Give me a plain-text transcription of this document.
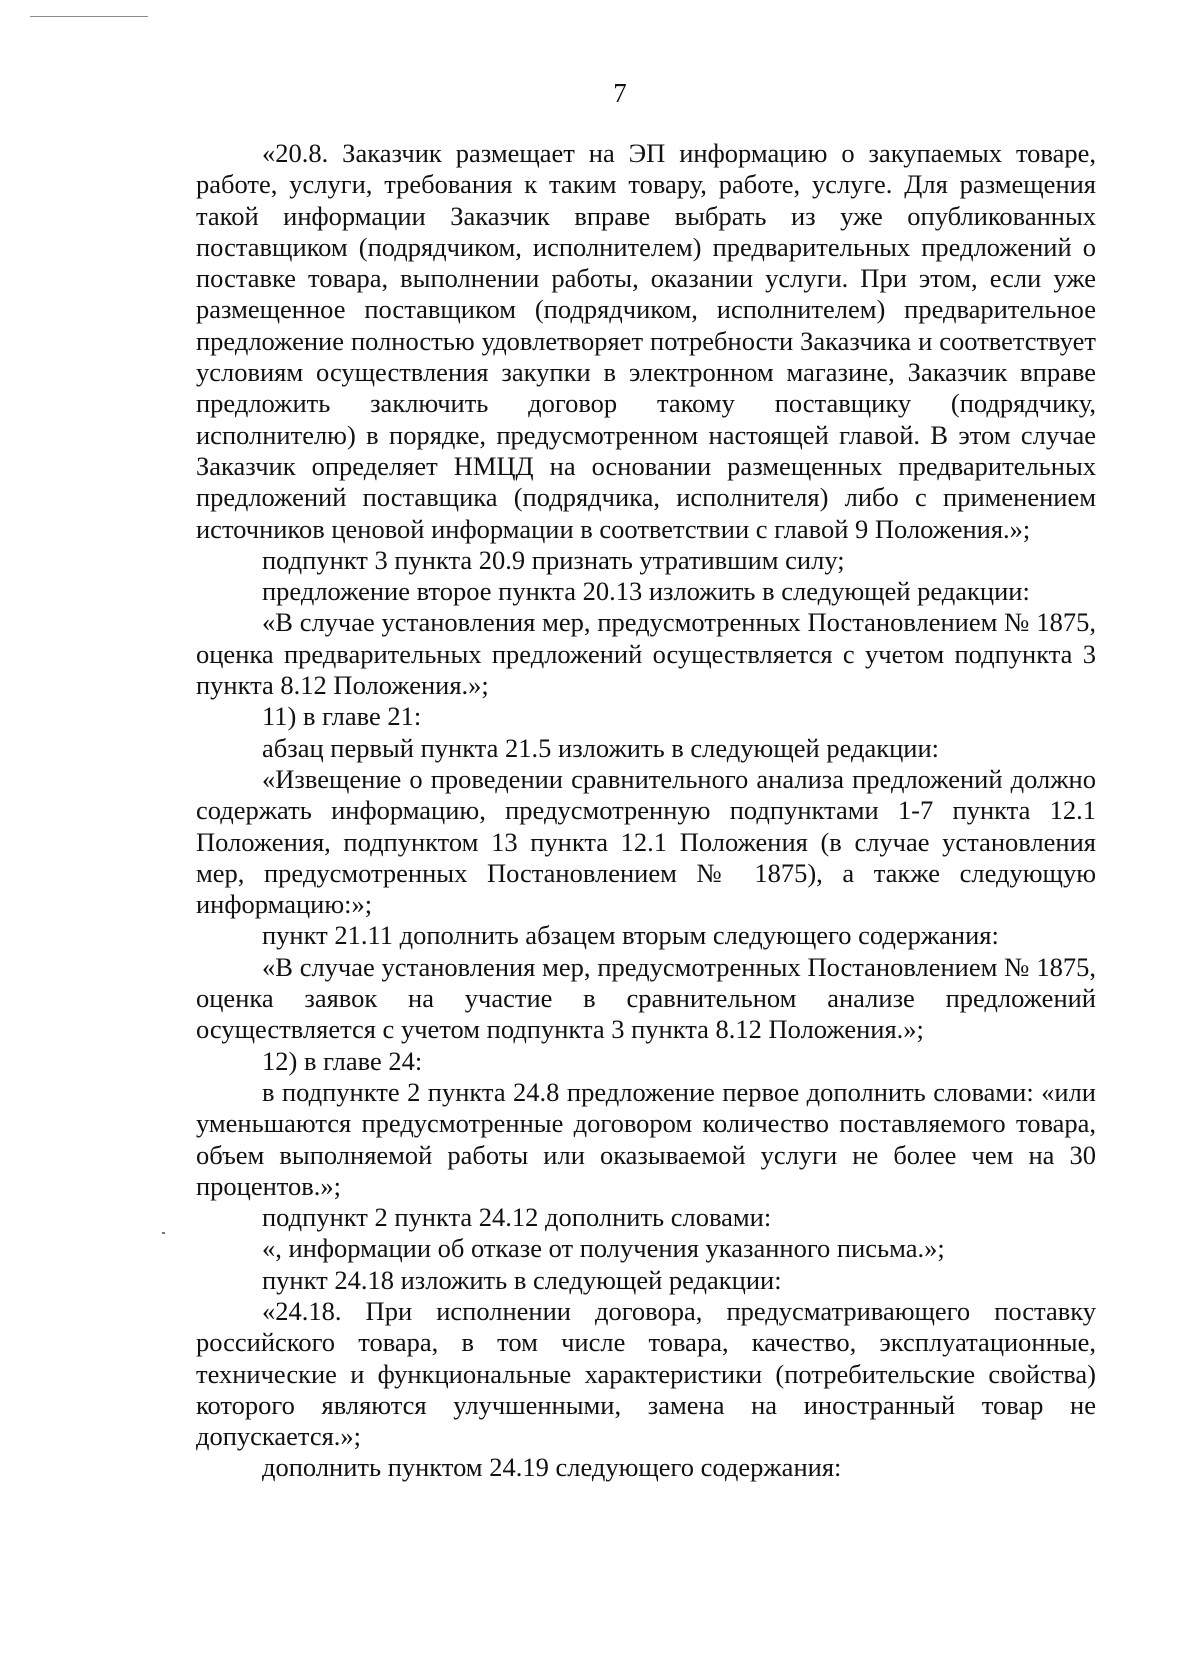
7

«20.8. Заказчик размещает на ЭП информацию о закупаемых товаре, работе, услуги, требования к таким товару, работе, услуге. Для размещения такой информации Заказчик вправе выбрать из уже опубликованных поставщиком (подрядчиком, исполнителем) предварительных предложений о поставке товара, выполнении работы, оказании услуги. При этом, если уже размещенное поставщиком (подрядчиком, исполнителем) предварительное предложение полностью удовлетворяет потребности Заказчика и соответствует условиям осуществления закупки в электронном магазине, Заказчик вправе предложить заключить договор такому поставщику (подрядчику, исполнителю) в порядке, предусмотренном настоящей главой. В этом случае Заказчик определяет НМЦД на основании размещенных предварительных предложений поставщика (подрядчика, исполнителя) либо с применением источников ценовой информации в соответствии с главой 9 Положения.»;

подпункт 3 пункта 20.9 признать утратившим силу;

предложение второе пункта 20.13 изложить в следующей редакции:

«В случае установления мер, предусмотренных Постановлением № 1875, оценка предварительных предложений осуществляется с учетом подпункта 3 пункта 8.12 Положения.»;

11) в главе 21:

абзац первый пункта 21.5 изложить в следующей редакции:

«Извещение о проведении сравнительного анализа предложений должно содержать информацию, предусмотренную подпунктами 1-7 пункта 12.1 Положения, подпунктом 13 пункта 12.1 Положения (в случае установления мер, предусмотренных Постановлением № 1875), а также следующую информацию:»;

пункт 21.11 дополнить абзацем вторым следующего содержания:

«В случае установления мер, предусмотренных Постановлением № 1875, оценка заявок на участие в сравнительном анализе предложений осуществляется с учетом подпункта 3 пункта 8.12 Положения.»;

12) в главе 24:

в подпункте 2 пункта 24.8 предложение первое дополнить словами: «или уменьшаются предусмотренные договором количество поставляемого товара, объем выполняемой работы или оказываемой услуги не более чем на 30 процентов.»;

подпункт 2 пункта 24.12 дополнить словами:

«, информации об отказе от получения указанного письма.»;

пункт 24.18 изложить в следующей редакции:

«24.18. При исполнении договора, предусматривающего поставку российского товара, в том числе товара, качество, эксплуатационные, технические и функциональные характеристики (потребительские свойства) которого являются улучшенными, замена на иностранный товар не допускается.»;

дополнить пунктом 24.19 следующего содержания:
